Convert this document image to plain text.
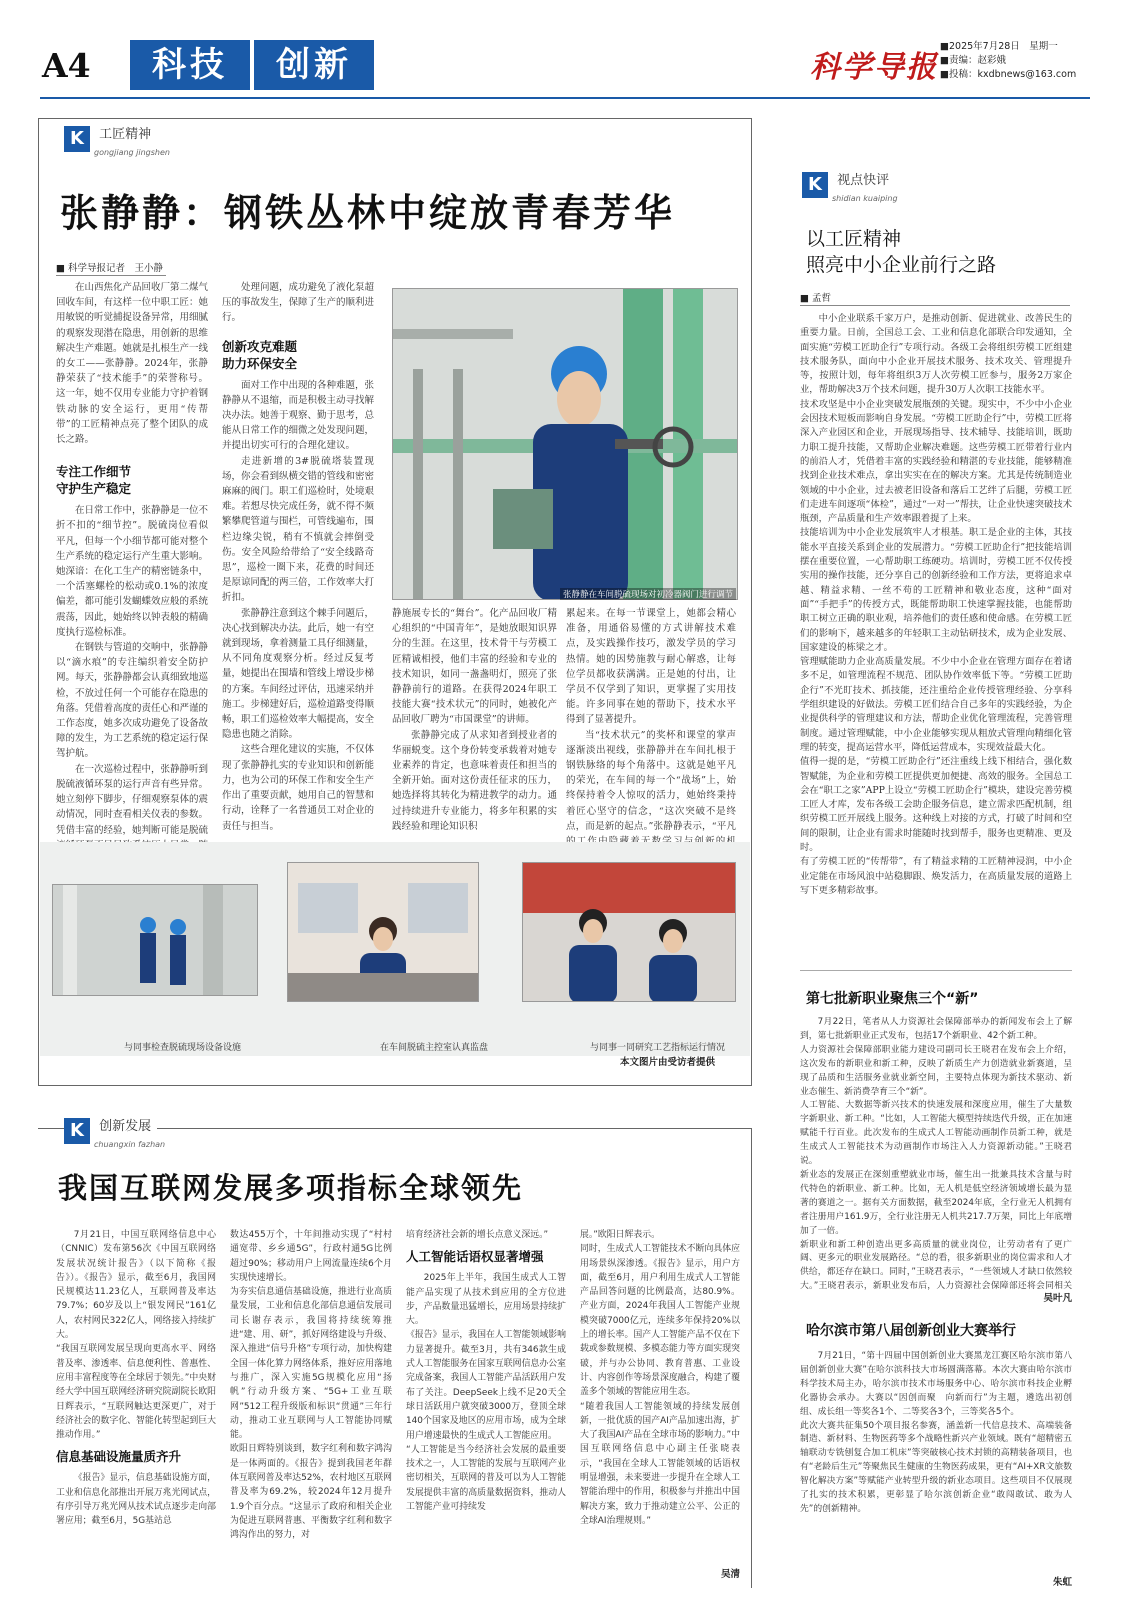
A4	科技	创新	科学导报
■2025年7月28日　星期一
■责编：赵彩娥
■投稿：kxdbnews@163.com
K $^{工匠精神}$
gongjiang jingshen
张静静：钢铁丛林中绽放青春芳华
■ 科学导报记者　王小静

在山西焦化产品回收厂第二煤气回收车间，有这样一位中职工匠：她用敏锐的听觉捕捉设备异常，用细腻的观察发现潜在隐患，用创新的思维解决生产难题。她就是扎根生产一线的女工——张静静。2024年，张静静荣获了“技术能手”的荣誉称号。这一年，她不仅用专业能力守护着钢铁动脉的安全运行，更用“传帮带”的工匠精神点亮了整个团队的成长之路。

专注工作细节
守护生产稳定

在日常工作中，张静静是一位不折不扣的“细节控”。脱硫岗位看似平凡，但每一个小细节都可能对整个生产系统的稳定运行产生重大影响。她深谙：在化工生产的精密链条中，一个活塞螺栓的松动或0.1%的浓度偏差，都可能引发蝴蝶效应般的系统震荡，因此，她始终以钟表般的精确度执行巡检标准。

在钢铁与管道的交响中，张静静以“滴水痕”的专注编织着安全防护网。每天，张静静都会认真细致地巡检，不放过任何一个可能存在隐患的角落。凭借着高度的责任心和严谨的工作态度，她多次成功避免了设备故障的发生，为工艺系统的稳定运行保驾护航。

在一次巡检过程中，张静静听到脱硫液循环泵的运行声音有些异常。她立刻停下脚步，仔细观察泵体的震动情况，同时查看相关仪表的参数。凭借丰富的经验，她判断可能是脱硫

处理问题，成功避免了液化泵超压的事故发生，保障了生产的顺利进行。

创新攻克难题
助力环保安全

面对工作中出现的各种难题，张静静从不退缩，而是积极主动寻找解决办法。她善于观察、勤于思考，总能从日常工作的细微之处发现问题，并提出切实可行的合理化建议。

走进新增的3#脱硫塔装置现场，你会看到纵横交错的管线和密密麻麻的阀门。职工们巡检时，处境艰难。若想尽快完成任务，就不得不频繁攀爬管道与围栏，可管线遍布，围栏边缘尖锐，稍有不慎就会摔倒受伤。安全风险给带给了“安全线路奇思”，巡检一圈下来，花费的时间还是原谅同配的两三倍，工作效率大打折扣。

张静静注意到这个棘手问题后，决心找到解决办法。此后，她一有空就到现场，拿着测量工具仔细测量，从不同角度观察分析。经过反复考量，她提出在围墙和管线上增设步梯的方案。车间经过评估，迅速采纳并施工。步梯建好后，巡检道路变得顺畅，职工们巡检效率大幅提高，安全隐患也随之消除。

这些合理化建议的实施，不仅体现了张静静扎实的专业知识和创新能力，也为公司的环保工作和安全生产作出了重要贡献，她用自己的智慧和行动，诠释了一名普通员工对企业的责任与担当。

张静静在车间脱硫现场对初冷器阀门进行调节

静施展专长的“舞台”。化产品回收厂精心组织的“中国青年”，是她放眼知识界分的生涯。在这里，技术骨干与劳模工匠精诚相授，他们丰富的经验和专业的技术知识，如同一盏盏明灯，照亮了张静静前行的道路。在获得2024年职工技能大赛“技术状元”的同时，她被化产品回收厂聘为“市国课堂”的讲师。

张静静完成了从求知者到授业者的华丽蜕变。这个身份转变承载着对她专业素养的肯定，也意味着责任和担当的全新开始。面对这份责任征求的压力，她选择将其转化为精进教学的动力。通过持续进升专业能力，将多年积累的实践经验和理论知识积

累起来。在每一节课堂上，她都会精心准备，用通俗易懂的方式讲解技术难点，及实践操作技巧，激发学员的学习热情。她的因势施教与耐心解惑，让每位学员都收获满满。正是她的付出，让学员不仅学到了知识，更掌握了实用技能。许多同事在她的帮助下，技术水平得到了显著提升。

当“技术状元”的奖杯和课堂的掌声逐渐淡出视线，张静静并在车间扎根于钢铁脉络的每个角落中。这就是她平凡的荣光，在车间的每一个“战场”上，始终保持着令人惊叹的活力，她始终秉持着匠心坚守的信念，“这次突破不是终点，而是新的起点。”张静静表示，“平凡

本文图片由受访者提供
与同事检查脱硫现场设备设施	在车间脱硫主控室认真监盘	与同事一同研究工艺指标运行情况
K $^{视点快评}$
shidian kuaiping
以工匠精神
照亮中小企业前行之路
■ 孟哲
中小企业联系千家万户，是推动创新、促进就业、改善民生的重要力量。日前，全国总工会、工业和信息化部联合印发通知，全面实施“劳模工匠助企行”专项行动。各级工会将组织劳模工匠组建技术服务队，面向中小企业开展技术服务、技术攻关、管理提升等，按照计划，每年将组织3万人次劳模工匠参与，服务2万家企业，帮助解决3万个技术问题，提升30万人次职工技能水平。
技术攻坚是中小企业突破发展瓶颈的关键。现实中，不少中小企业会因技术短板而影响自身发展。“劳模工匠助企行”中，劳模工匠将深入产业园区和企业，开展现场指导、技术辅导、技能培训，既助力职工提升技能，又帮助企业解决难题。这些劳模工匠带着行业内的前沿人才，凭借着丰富的实践经验和精湛的专业技能，能够精准找到企业技术难点，拿出实实在在的解决方案。尤其是传统制造业领域的中小企业，过去被老旧设备和落后工艺绊了后腿，劳模工匠们走进车间逐项“体检”，通过“一对一”帮扶，让企业快速突破技术瓶颈，产品质量和生产效率跟着提了上来。
技能培训为中小企业发展筑牢人才根基。职工是企业的主体，其技能水平直接关系到企业的发展潜力。“劳模工匠助企行”把技能培训摆在重要位置，一心帮助职工练硬功。培训时，劳模工匠不仅传授实用的操作技能，还分享自己的创新经验和工作方法，更将追求卓越、精益求精、一丝不苟的工匠精神和敬业态度，这种“面对面”“手把手”的传授方式，既能帮助职工快速掌握技能，也能帮助职工树立正确的职业观，培养他们的责任感和使命感。在劳模工匠们的影响下，越来越多的年轻职工主动钻研技术，成为企业发展、国家建设的栋梁之才。
管理赋能助力企业高质量发展。不少中小企业在管理方面存在着诸多不足，如管理流程不规范、团队协作效率低下等。“劳模工匠助企行”不光盯技术、抓技能，还注重给企业传授管理经验、分享科学组织建设的好做法。劳模工匠们结合自己多年的实践经验，为企业提供科学的管理建议和方法，帮助企业优化管理流程，完善管理制度。通过管理赋能，中小企业能够实现从粗放式管理向精细化管理的转变，提高运营水平，降低运营成本，实现效益最大化。
值得一提的是，“劳模工匠助企行”还注重线上线下相结合，强化数智赋能，为企业和劳模工匠提供更加便捷、高效的服务。全国总工会在“职工之家”APP上设立“劳模工匠助企行”模块，建设完善劳模工匠人才库，发布各级工会助企服务信息，建立需求匹配机制，组织劳模工匠开展线上服务。这种线上对接的方式，打破了时间和空间的限制，让企业有需求时能随时找到帮手，服务也更精准、更及时。
有了劳模工匠的“传帮带”，有了精益求精的工匠精神浸润，中小企业定能在市场风浪中站稳脚跟、焕发活力，在高质量发展的道路上写下更多精彩故事。
第七批新职业聚焦三个“新”
7月22日，笔者从人力资源社会保障部举办的新闻发布会上了解到，第七批新职业正式发布，包括17个新职业、42个新工种。
人力资源社会保障部职业能力建设司副司长王晓君在发布会上介绍，这次发布的新职业和新工种，反映了新质生产力创造就业新赛道，呈现了品质和生活服务业就业新空间，主要特点体现为新技术驱动、新业态催生、新消费孕育三个“新”。
人工智能、大数据等新兴技术的快速发展和深度应用，催生了大量数字新职业、新工种。“比如，人工智能大模型持续迭代升级，正在加速赋能千行百业。此次发布的生成式人工智能动画制作员新工种，就是生成式人工智能技术为动画制作市场注入人力资源新动能。”王晓君说。
新业态的发展正在深刻重塑就业市场，催生出一批兼具技术含量与时代特色的新职业、新工种。比如，无人机是低空经济领域增长最为显著的赛道之一。据有关方面数据，截至2024年底，全行业无人机拥有者注册用户161.9万，全行业注册无人机共217.7万架，同比上年底增加了一倍。
新职业和新工种创造出更多高质量的就业岗位，让劳动者有了更广阔、更多元的职业发展路径。“总的看，很多新职业的岗位需求和人才供给，都还存在缺口。同时，”王晓君表示，“一些领域人才缺口依然较大。”王晓君表示，新职业发布后，人力资源社会保障部还将会同相关
吴叶凡
哈尔滨市第八届创新创业大赛举行
7月21日，“第十四届中国创新创业大赛黑龙江赛区哈尔滨市第八届创新创业大赛”在哈尔滨科技大市场圆满落幕。本次大赛由哈尔滨市科学技术局主办，哈尔滨市技术市场服务中心、哈尔滨市科技企业孵化器协会承办。大赛以“因创而聚　向新而行”为主题，遴选出初创组、成长组一等奖各1个、二等奖各3个，三等奖各5个。
此次大赛共征集50个项目报名参赛，涵盖新一代信息技术、高端装备制造、新材料、生物医药等多个战略性新兴产业领域。既有“超精密五轴联动专铣刨复合加工机床”等突破核心技术封锁的高精装备项目，也有“老龄后生元”等聚焦民生健康的生物医药成果，更有“AI+XR文旅数智化解决方案”等赋能产业转型升级的新业态项目。这些项目不仅展现了扎实的技术积累，更彰显了哈尔滨创新企业“敢闯敢试、敢为人先”的创新精神。
朱虹
K $^{创新发展}$
chuangxin fazhan
我国互联网发展多项指标全球领先

7月21日，中国互联网络信息中心（CNNIC）发布第56次《中国互联网络发展状况统计报告》（以下简称《报告》）。《报告》显示，截至6月，我国网民规模达11.23亿人，互联网普及率达79.7%；60岁及以上“银发网民”161亿人，农村网民322亿人，网络接入持续扩大。
“我国互联网发展呈现向更高水平、网络普及率、渗透率、信息便利性、普惠性、应用丰富程度等在全球居于领先。”中央财经大学中国互联网经济研究院副院长欧阳日辉表示，“互联网触达更深更广，对于经济社会的数字化、智能化转型起到巨大推动作用。”

信息基础设施量质齐升

《报告》显示，信息基础设施方面，工业和信息化部推出开展万兆光网试点，有序引导万兆光网从技术试点逐步走向部署应用；截至6月，5G基站总

数达455万个，十年间推动实现了“村村通宽带、乡乡通5G”，行政村通5G比例超过90%；移动用户上网流量连续6个月实现快速增长。
为夯实信息通信基础设施，推进行业高质量发展，工业和信息化部信息通信发展司司长谢存表示，我国将持续统筹推进“建、用、研”，抓好网络建设与升级、深入推进“信号升格”专项行动，加快构建全国一体化算力网络体系，推好应用落地与推广，深入实施5G规模化应用“扬帆”行动升级方案、“5G+工业互联网”512工程升级版和标识“贯通”三年行动，推动工业互联网与人工智能协同赋能。
欧阳日辉特别谈到，数字红利和数字鸿沟是一体两面的。《报告》提到我国老年群体互联网普及率达52%，农村地区互联网普及率为69.2%，较2024年12月提升1.9个百分点。“这显示了政府和相关企业为促进互联网普惠、平衡数字红利和数字鸿沟作出的努力，对

培育经济社会新的增长点意义深远。”

人工智能话语权显著增强

2025年上半年，我国生成式人工智能产品实现了从技术到应用的全方位进步，产品数量迅猛增长，应用场景持续扩大。
《报告》显示，我国在人工智能领域影响力显著提升。截至3月，共有346款生成式人工智能服务在国家互联网信息办公室完成备案，我国人工智能产品活跃用户发布了关注。DeepSeek上线不足20天全球日活跃用户就突破3000万，登顶全球140个国家及地区的应用市场，成为全球用户增速最快的生成式人工智能应用。
“人工智能是当今经济社会发展的最重要技术之一，人工智能的发展与互联网产业密切相关，互联网的普及可以为人工智能发展提供丰富的高质量数据资料，推动人工智能产业可持续发

展。”欧阳日辉表示。
同时，生成式人工智能技术不断向具体应用场景纵深渗透。《报告》显示，用户方面，截至6月，用户利用生成式人工智能产品回答问题的比例最高，达80.9%。产业方面，2024年我国人工智能产业规模突破7000亿元，连续多年保持20%以上的增长率。国产人工智能产品不仅在下载或参数规模、多模态能力等方面实现突破，并与办公协同、教育普惠、工业设计、内容创作等场景深度融合，构建了覆盖多个领域的智能应用生态。
“随着我国人工智能领域的持续发展创新，一批优质的国产AI产品加速出海，扩大了我国AI产品在全球市场的影响力。”中国互联网络信息中心副主任张晓表示，“我国在全球人工智能领域的话语权明显增强，未来要进一步提升在全球人工智能治理中的作用，积极参与并推出中国解决方案，致力于推动建立公平、公正的全球AI治理规则。”

吴清
